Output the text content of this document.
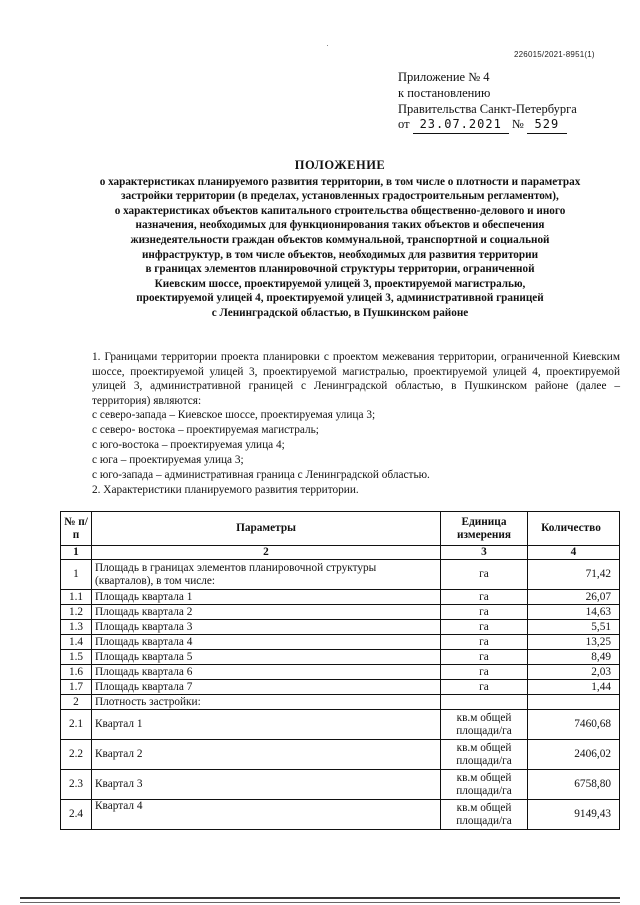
226015/2021-8951(1)
Приложение № 4
к постановлению
Правительства Санкт-Петербурга
от 23.07.2021 № 529
ПОЛОЖЕНИЕ
о характеристиках планируемого развития территории, в том числе о плотности и параметрах
застройки территории (в пределах, установленных градостроительным регламентом),
о характеристиках объектов капитального строительства общественно-делового и иного
назначения, необходимых для функционирования таких объектов и обеспечения
жизнедеятельности граждан объектов коммунальной, транспортной и социальной
инфраструктур, в том числе объектов, необходимых для развития территории
в границах элементов планировочной структуры территории, ограниченной
Киевским шоссе, проектируемой улицей 3, проектируемой магистралью,
проектируемой улицей 4, проектируемой улицей 3, административной границей
с Ленинградской областью, в Пушкинском районе
1. Границами территории проекта планировки с проектом межевания территории, ограниченной Киевским шоссе, проектируемой улицей 3, проектируемой магистралью, проектируемой улицей 4, проектируемой улицей 3, административной границей с Ленинградской областью, в Пушкинском районе (далее – территория) являются:
с северо-запада – Киевское шоссе, проектируемая улица 3;
с северо- востока – проектируемая магистраль;
с юго-востока – проектируемая улица 4;
с юга – проектируемая улица 3;
с юго-запада – административная граница с Ленинградской областью.
2. Характеристики планируемого развития территории.
№ п/п	Параметры	Единица измерения	Количество
1	2	3	4
1	Площадь в границах элементов планировочной структуры (кварталов), в том числе:	га	71,42
1.1	Площадь квартала 1	га	26,07
1.2	Площадь квартала 2	га	14,63
1.3	Площадь квартала 3	га	5,51
1.4	Площадь квартала 4	га	13,25
1.5	Площадь квартала 5	га	8,49
1.6	Площадь квартала 6	га	2,03
1.7	Площадь квартала 7	га	1,44
2	Плотность застройки:		
2.1	Квартал 1	кв.м общей площади/га	7460,68
2.2	Квартал 2	кв.м общей площади/га	2406,02
2.3	Квартал 3	кв.м общей площади/га	6758,80
2.4	Квартал 4	кв.м общей площади/га	9149,43
